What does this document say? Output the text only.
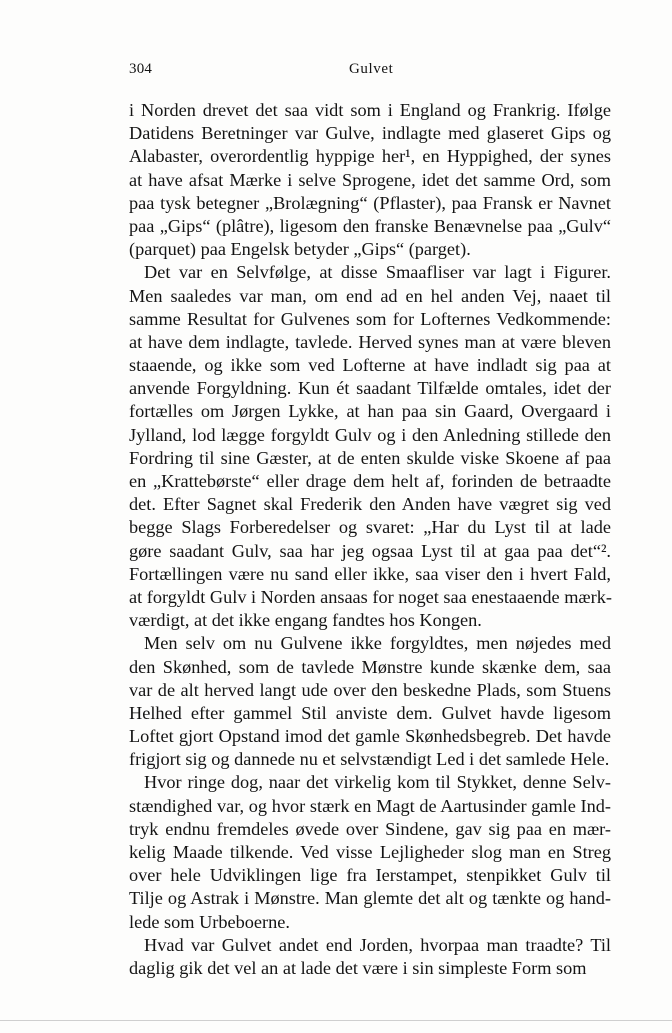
304	Gulvet
i Norden drevet det saa vidt som i England og Frankrig. Ifølge
Datidens Beretninger var Gulve, indlagte med glaseret Gips og
Alabaster, overordentlig hyppige her¹, en Hyppighed, der synes
at have afsat Mærke i selve Sprogene, idet det samme Ord, som
paa tysk betegner „Brolægning“ (Pflaster), paa Fransk er Navnet
paa „Gips“ (plâtre), ligesom den franske Benævnelse paa „Gulv“
(parquet) paa Engelsk betyder „Gips“ (parget).
Det var en Selvfølge, at disse Smaafliser var lagt i Figurer.
Men saaledes var man, om end ad en hel anden Vej, naaet til
samme Resultat for Gulvenes som for Lofternes Vedkommende:
at have dem indlagte, tavlede. Herved synes man at være bleven
staaende, og ikke som ved Lofterne at have indladt sig paa at
anvende Forgyldning. Kun ét saadant Tilfælde omtales, idet der
fortælles om Jørgen Lykke, at han paa sin Gaard, Overgaard i
Jylland, lod lægge forgyldt Gulv og i den Anledning stillede den
Fordring til sine Gæster, at de enten skulde viske Skoene af paa
en „Krattebørste“ eller drage dem helt af, forinden de betraadte
det. Efter Sagnet skal Frederik den Anden have vægret sig ved
begge Slags Forberedelser og svaret: „Har du Lyst til at lade
gøre saadant Gulv, saa har jeg ogsaa Lyst til at gaa paa det“².
Fortællingen være nu sand eller ikke, saa viser den i hvert Fald,
at forgyldt Gulv i Norden ansaas for noget saa enestaaende mærk-
værdigt, at det ikke engang fandtes hos Kongen.
Men selv om nu Gulvene ikke forgyldtes, men nøjedes med
den Skønhed, som de tavlede Mønstre kunde skænke dem, saa
var de alt herved langt ude over den beskedne Plads, som Stuens
Helhed efter gammel Stil anviste dem. Gulvet havde ligesom
Loftet gjort Opstand imod det gamle Skønhedsbegreb. Det havde
frigjort sig og dannede nu et selvstændigt Led i det samlede Hele.
Hvor ringe dog, naar det virkelig kom til Stykket, denne Selv-
stændighed var, og hvor stærk en Magt de Aartusinder gamle Ind-
tryk endnu fremdeles øvede over Sindene, gav sig paa en mær-
kelig Maade tilkende. Ved visse Lejligheder slog man en Streg
over hele Udviklingen lige fra Ierstampet, stenpikket Gulv til
Tilje og Astrak i Mønstre. Man glemte det alt og tænkte og hand-
lede som Urbeboerne.
Hvad var Gulvet andet end Jorden, hvorpaa man traadte? Til
daglig gik det vel an at lade det være i sin simpleste Form som
